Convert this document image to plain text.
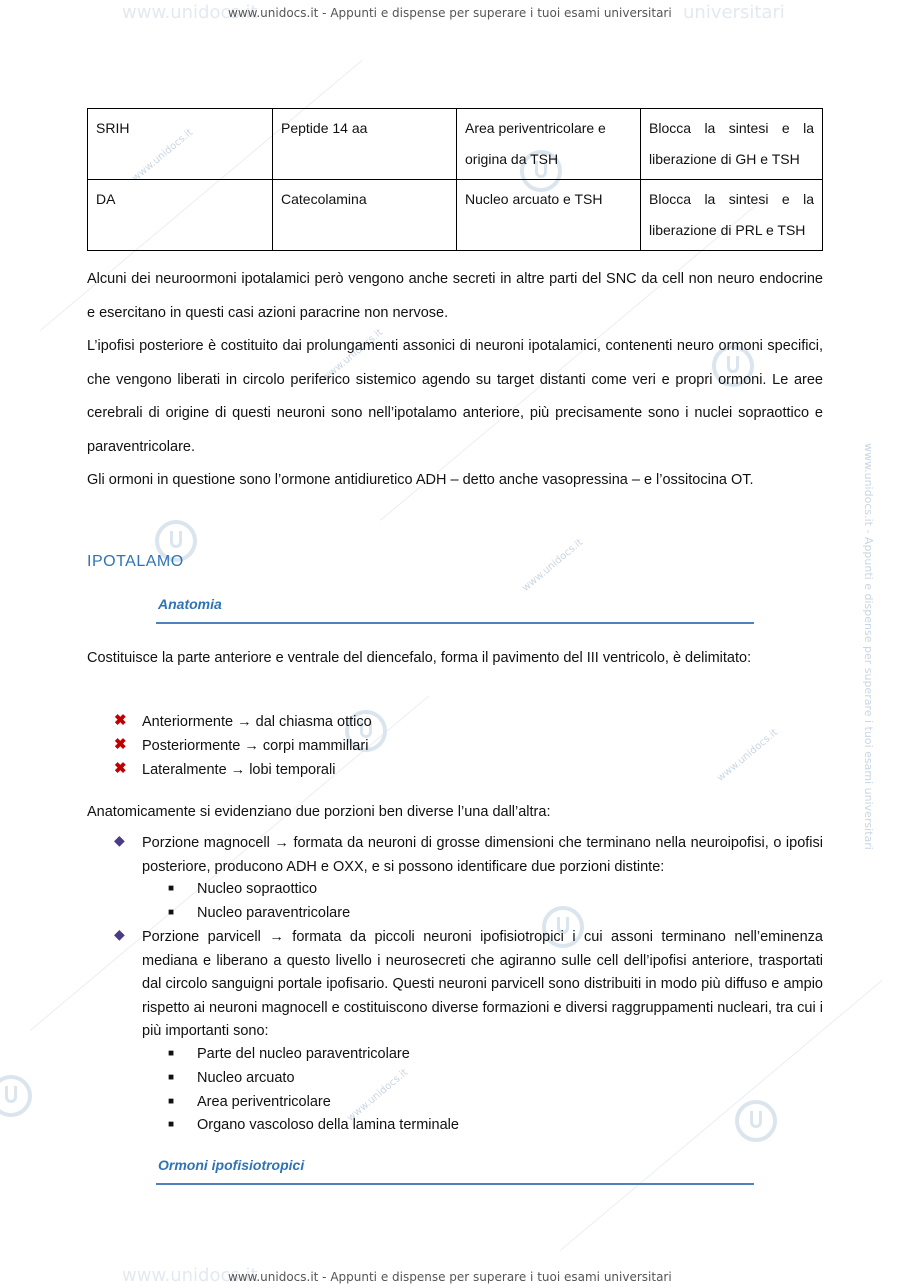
www.unidocs.it	universitari
www.unidocs.it - Appunti e dispense per superare i tuoi esami universitari
www.unidocs.it
www.unidocs.it - Appunti e dispense per superare i tuoi esami universitari
www.unidocs.it - Appunti e dispense per superare i tuoi esami universitari
www.unidocs.it
www.unidocs.it
www.unidocs.it
www.unidocs.it
www.unidocs.it
SRIH	Peptide 14 aa	Area periventricolare e origina da TSH	Blocca la sintesi e la liberazione di GH e TSH
DA	Catecolamina	Nucleo arcuato e TSH	Blocca la sintesi e la liberazione di PRL e TSH
Alcuni dei neuroormoni ipotalamici però vengono anche secreti in altre parti del SNC da cell non neuro endocrine e esercitano in questi casi azioni paracrine non nervose.
L’ipofisi posteriore è costituito dai prolungamenti assonici di neuroni ipotalamici, contenenti neuro ormoni specifici, che vengono liberati in circolo periferico sistemico agendo su target distanti come veri e propri ormoni. Le aree cerebrali di origine di questi neuroni sono nell’ipotalamo anteriore, più precisamente sono i nuclei sopraottico e paraventricolare.
Gli ormoni in questione sono l’ormone antidiuretico ADH – detto anche vasopressina – e l’ossitocina OT.
IPOTALAMO
Anatomia
Costituisce la parte anteriore e ventrale del diencefalo, forma il pavimento del III ventricolo, è delimitato:
✖ Anteriormente → dal chiasma ottico
✖ Posteriormente → corpi mammillari
✖ Lateralmente → lobi temporali
Anatomicamente si evidenziano due porzioni ben diverse l’una dall’altra:
◆ Porzione magnocell → formata da neuroni di grosse dimensioni che terminano nella neuroipofisi, o ipofisi posteriore, producono ADH e OXX, e si possono identificare due porzioni distinte:
■ Nucleo sopraottico
■ Nucleo paraventricolare
◆ Porzione parvicell → formata da piccoli neuroni ipofisiotropici i cui assoni terminano nell’eminenza mediana e liberano a questo livello i neurosecreti che agiranno sulle cell dell’ipofisi anteriore, trasportati dal circolo sanguigni portale ipofisario. Questi neuroni parvicell sono distribuiti in modo più diffuso e ampio rispetto ai neuroni magnocell e costituiscono diverse formazioni e diversi raggruppamenti nucleari, tra cui i più importanti sono:
■ Parte del nucleo paraventricolare
■ Nucleo arcuato
■ Area periventricolare
■ Organo vascoloso della lamina terminale
Ormoni ipofisiotropici
